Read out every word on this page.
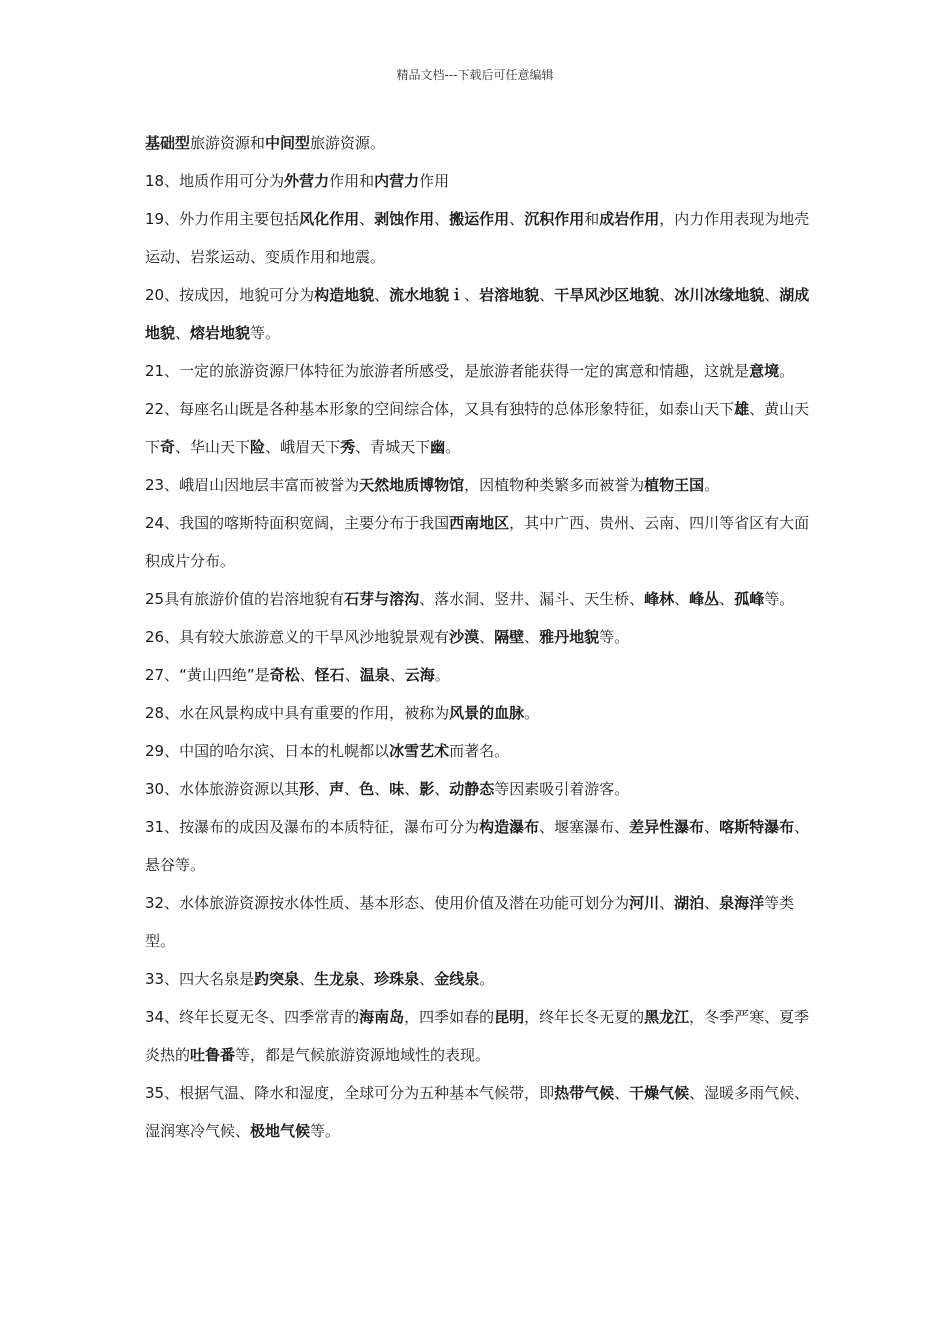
精品文档---下载后可任意编辑

基础型旅游资源和中间型旅游资源。

18、地质作用可分为外营力作用和内营力作用

19、外力作用主要包括风化作用、剥蚀作用、搬运作用、沉积作用和成岩作用，内力作用表现为地壳运动、岩浆运动、变质作用和地震。

20、按成因，地貌可分为构造地貌、流水地貌ｉ、岩溶地貌、干旱风沙区地貌、冰川冰缘地貌、湖成地貌、熔岩地貌等。

21、一定的旅游资源尸体特征为旅游者所感受，是旅游者能获得一定的寓意和情趣，这就是意境。

22、每座名山既是各种基本形象的空间综合体，又具有独特的总体形象特征，如泰山天下雄、黄山天下奇、华山天下险、峨眉天下秀、青城天下幽。

23、峨眉山因地层丰富而被誉为天然地质博物馆，因植物种类繁多而被誉为植物王国。

24、我国的喀斯特面积宽阔，主要分布于我国西南地区，其中广西、贵州、云南、四川等省区有大面积成片分布。

25具有旅游价值的岩溶地貌有石芽与溶沟、落水洞、竖井、漏斗、天生桥、峰林、峰丛、孤峰等。

26、具有较大旅游意义的干旱风沙地貌景观有沙漠、隔壁、雅丹地貌等。

27、“黄山四绝”是奇松、怪石、温泉、云海。

28、水在风景构成中具有重要的作用，被称为风景的血脉。

29、中国的哈尔滨、日本的札幌都以冰雪艺术而著名。

30、水体旅游资源以其形、声、色、味、影、动静态等因素吸引着游客。

31、按瀑布的成因及瀑布的本质特征，瀑布可分为构造瀑布、堰塞瀑布、差异性瀑布、喀斯特瀑布、悬谷等。

32、水体旅游资源按水体性质、基本形态、使用价值及潜在功能可划分为河川、湖泊、泉海洋等类型。

33、四大名泉是趵突泉、生龙泉、珍珠泉、金线泉。

34、终年长夏无冬、四季常青的海南岛，四季如春的昆明，终年长冬无夏的黑龙江，冬季严寒、夏季炎热的吐鲁番等，都是气候旅游资源地域性的表现。

35、根据气温、降水和湿度，全球可分为五种基本气候带，即热带气候、干燥气候、湿暖多雨气候、湿润寒冷气候、极地气候等。
